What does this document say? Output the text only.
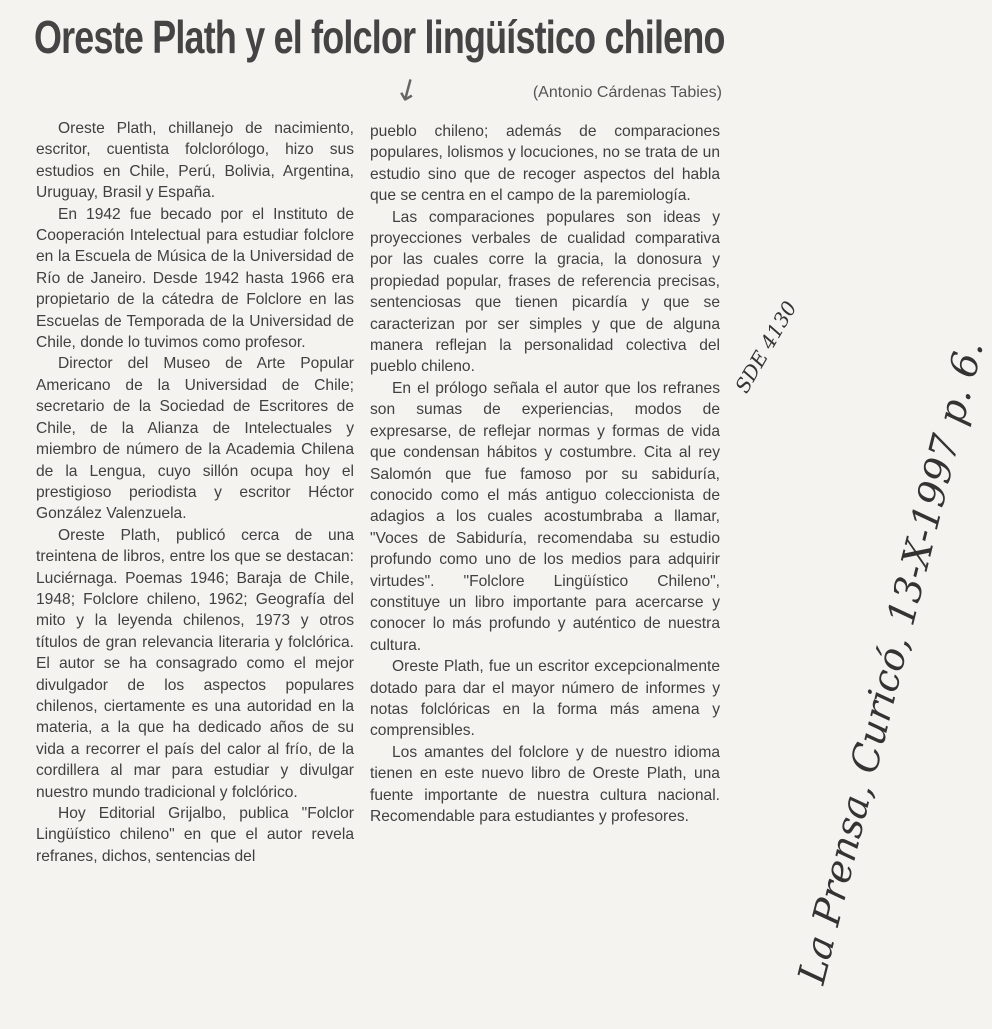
Oreste Plath y el folclor lingüístico chileno
↙	(Antonio Cárdenas Tabies)

Oreste Plath, chillanejo de nacimiento, escritor, cuentista folclorólogo, hizo sus estudios en Chile, Perú, Bolivia, Argentina, Uruguay, Brasil y España.

En 1942 fue becado por el Instituto de Cooperación Intelectual para estudiar folclore en la Escuela de Música de la Universidad de Río de Janeiro. Desde 1942 hasta 1966 era propietario de la cátedra de Folclore en las Escuelas de Temporada de la Universidad de Chile, donde lo tuvimos como profesor.

Director del Museo de Arte Popular Americano de la Universidad de Chile; secretario de la Sociedad de Escritores de Chile, de la Alianza de Intelectuales y miembro de número de la Academia Chilena de la Lengua, cuyo sillón ocupa hoy el prestigioso periodista y escritor Héctor González Valenzuela.

Oreste Plath, publicó cerca de una treintena de libros, entre los que se destacan: Luciérnaga. Poemas 1946; Baraja de Chile, 1948; Folclore chileno, 1962; Geografía del mito y la leyenda chilenos, 1973 y otros títulos de gran relevancia literaria y folclórica. El autor se ha consagrado como el mejor divulgador de los aspectos populares chilenos, ciertamente es una autoridad en la materia, a la que ha dedicado años de su vida a recorrer el país del calor al frío, de la cordillera al mar para estudiar y divulgar nuestro mundo tradicional y folclórico.

Hoy Editorial Grijalbo, publica "Folclor Lingüístico chileno" en que el autor revela refranes, dichos, sentencias del

pueblo chileno; además de comparaciones populares, lolismos y locuciones, no se trata de un estudio sino que de recoger aspectos del habla que se centra en el campo de la paremiología.

Las comparaciones populares son ideas y proyecciones verbales de cualidad comparativa por las cuales corre la gracia, la donosura y propiedad popular, frases de referencia precisas, sentenciosas que tienen picardía y que se caracterizan por ser simples y que de alguna manera reflejan la personalidad colectiva del pueblo chileno.

En el prólogo señala el autor que los refranes son sumas de experiencias, modos de expresarse, de reflejar normas y formas de vida que condensan hábitos y costumbre. Cita al rey Salomón que fue famoso por su sabiduría, conocido como el más antiguo coleccionista de adagios a los cuales acostumbraba a llamar, "Voces de Sabiduría, recomendaba su estudio profundo como uno de los medios para adquirir virtudes". "Folclore Lingüístico Chileno", constituye un libro importante para acercarse y conocer lo más profundo y auténtico de nuestra cultura.

Oreste Plath, fue un escritor excepcionalmente dotado para dar el mayor número de informes y notas folclóricas en la forma más amena y comprensibles.

Los amantes del folclore y de nuestro idioma tienen en este nuevo libro de Oreste Plath, una fuente importante de nuestra cultura nacional. Recomendable para estudiantes y profesores.	La Prensa, Curicó, 13-X-1997 p. 6.
SDE 4130
